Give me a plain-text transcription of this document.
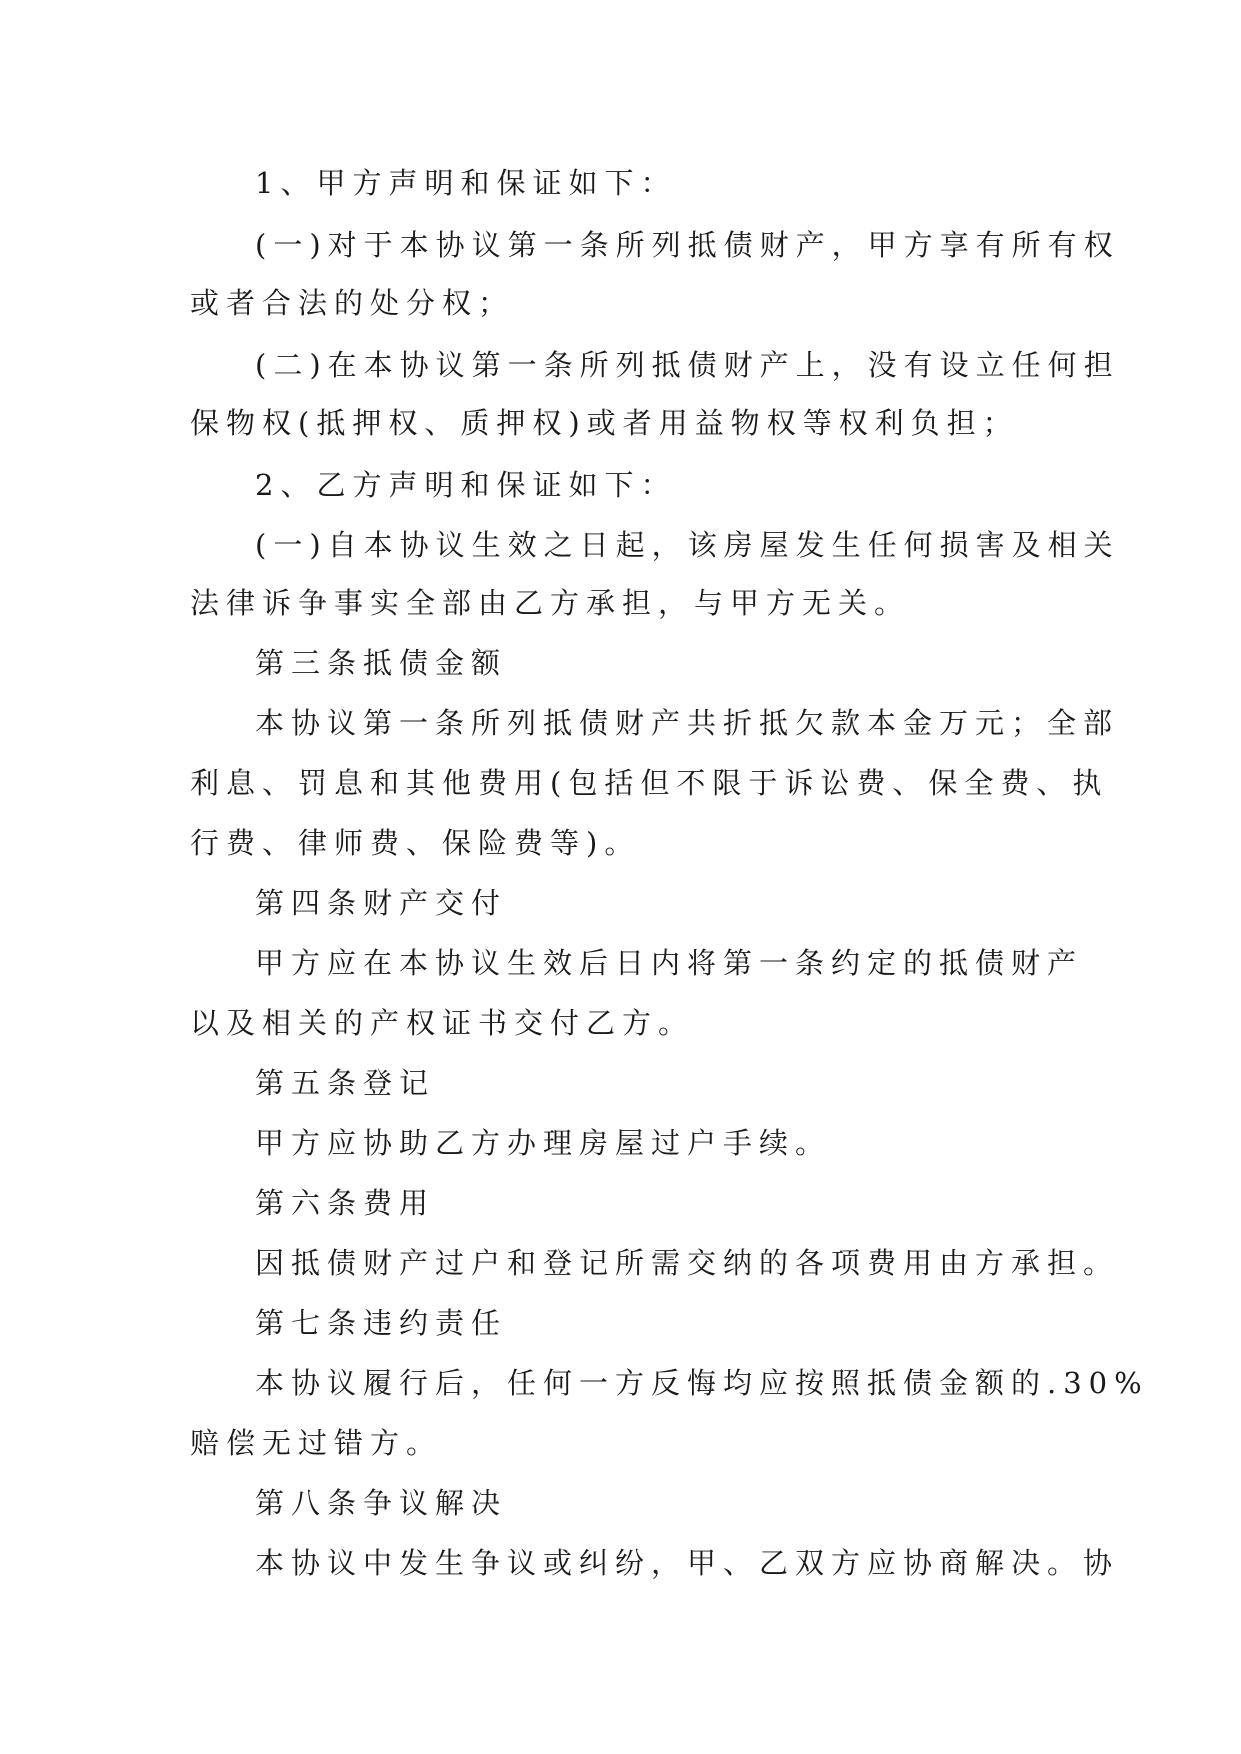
1、甲方声明和保证如下：
(一)对于本协议第一条所列抵债财产，甲方享有所有权
或者合法的处分权；
(二)在本协议第一条所列抵债财产上，没有设立任何担
保物权(抵押权、质押权)或者用益物权等权利负担；
2、乙方声明和保证如下：
(一)自本协议生效之日起，该房屋发生任何损害及相关
法律诉争事实全部由乙方承担，与甲方无关。
第三条抵债金额
本协议第一条所列抵债财产共折抵欠款本金万元；全部
利息、罚息和其他费用(包括但不限于诉讼费、保全费、执
行费、律师费、保险费等)。
第四条财产交付
甲方应在本协议生效后日内将第一条约定的抵债财产
以及相关的产权证书交付乙方。
第五条登记
甲方应协助乙方办理房屋过户手续。
第六条费用
因抵债财产过户和登记所需交纳的各项费用由方承担。
第七条违约责任
本协议履行后，任何一方反悔均应按照抵债金额的.30%
赔偿无过错方。
第八条争议解决
本协议中发生争议或纠纷，甲、乙双方应协商解决。协
